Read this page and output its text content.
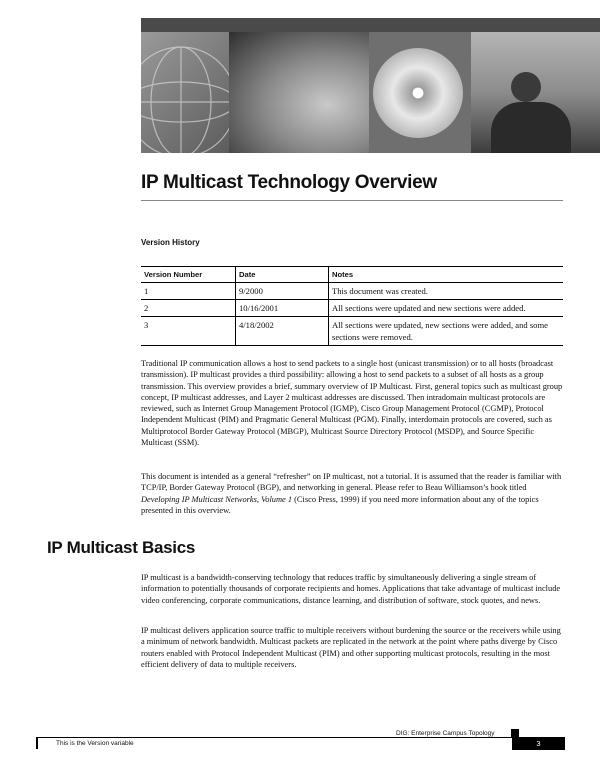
IP Multicast Technology Overview
Version History
Version Number	Date	Notes
1	9/2000	This document was created.
2	10/16/2001	All sections were updated and new sections were added.
3	4/18/2002	All sections were updated, new sections were added, and some sections were removed.

Traditional IP communication allows a host to send packets to a single host (unicast transmission) or to all hosts (broadcast transmission). IP multicast provides a third possibility: allowing a host to send packets to a subset of all hosts as a group transmission. This overview provides a brief, summary overview of IP Multicast. First, general topics such as multicast group concept, IP multicast addresses, and Layer 2 multicast addresses are discussed. Then intradomain multicast protocols are reviewed, such as Internet Group Management Protocol (IGMP), Cisco Group Management Protocol (CGMP), Protocol Independent Multicast (PIM) and Pragmatic General Multicast (PGM). Finally, interdomain protocols are covered, such as Multiprotocol Border Gateway Protocol (MBGP), Multicast Source Directory Protocol (MSDP), and Source Specific Multicast (SSM).

This document is intended as a general “refresher” on IP multicast, not a tutorial. It is assumed that the reader is familiar with TCP/IP, Border Gateway Protocol (BGP), and networking in general. Please refer to Beau Williamson’s book titled Developing IP Multicast Networks, Volume 1 (Cisco Press, 1999) if you need more information about any of the topics presented in this overview.

IP Multicast Basics

IP multicast is a bandwidth-conserving technology that reduces traffic by simultaneously delivering a single stream of information to potentially thousands of corporate recipients and homes. Applications that take advantage of multicast include video conferencing, corporate communications, distance learning, and distribution of software, stock quotes, and news.

IP multicast delivers application source traffic to multiple receivers without burdening the source or the receivers while using a minimum of network bandwidth. Multicast packets are replicated in the network at the point where paths diverge by Cisco routers enabled with Protocol Independent Multicast (PIM) and other supporting multicast protocols, resulting in the most efficient delivery of data to multiple receivers.

DIG: Enterprise Campus Topology
This is the Version variable	3
